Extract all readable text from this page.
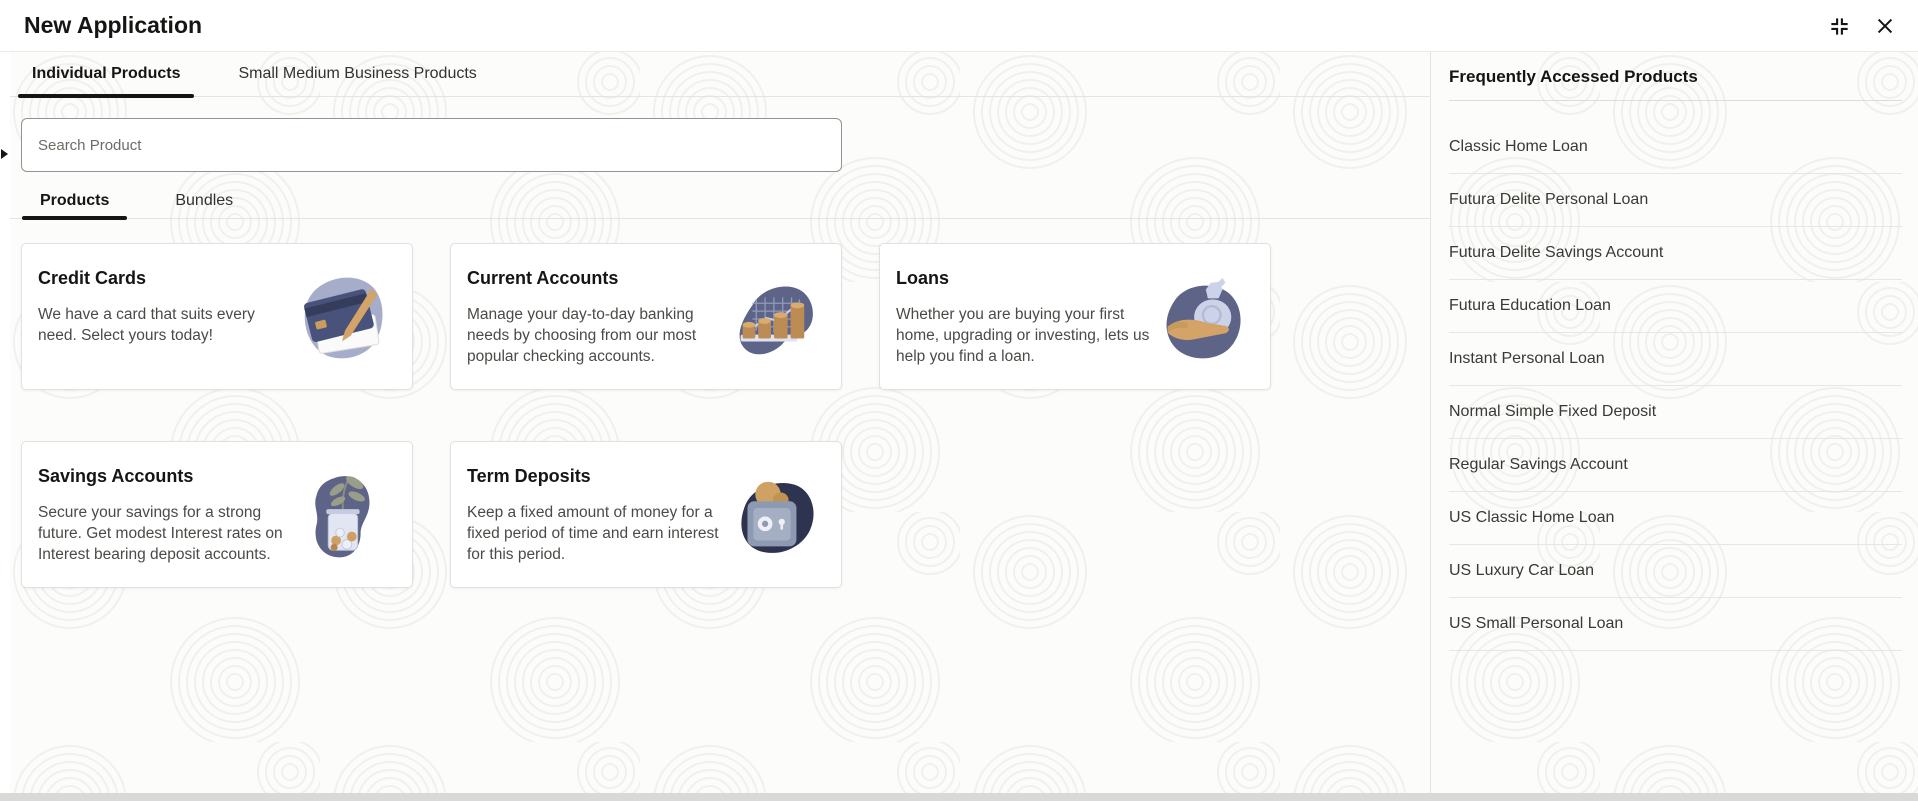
New Application
Individual Products	Small Medium Business Products
Search Product
Products	Bundles
Credit Cards
We have a card that suits every need. Select yours today!
Current Accounts
Manage your day-to-day banking needs by choosing from our most popular checking accounts.
Loans
Whether you are buying your first home, upgrading or investing, lets us help you find a loan.
Savings Accounts
Secure your savings for a strong future. Get modest Interest rates on Interest bearing deposit accounts.
Term Deposits
Keep a fixed amount of money for a fixed period of time and earn interest for this period.
Frequently Accessed Products
Classic Home Loan
Futura Delite Personal Loan
Futura Delite Savings Account
Futura Education Loan
Instant Personal Loan
Normal Simple Fixed Deposit
Regular Savings Account
US Classic Home Loan
US Luxury Car Loan
US Small Personal Loan
